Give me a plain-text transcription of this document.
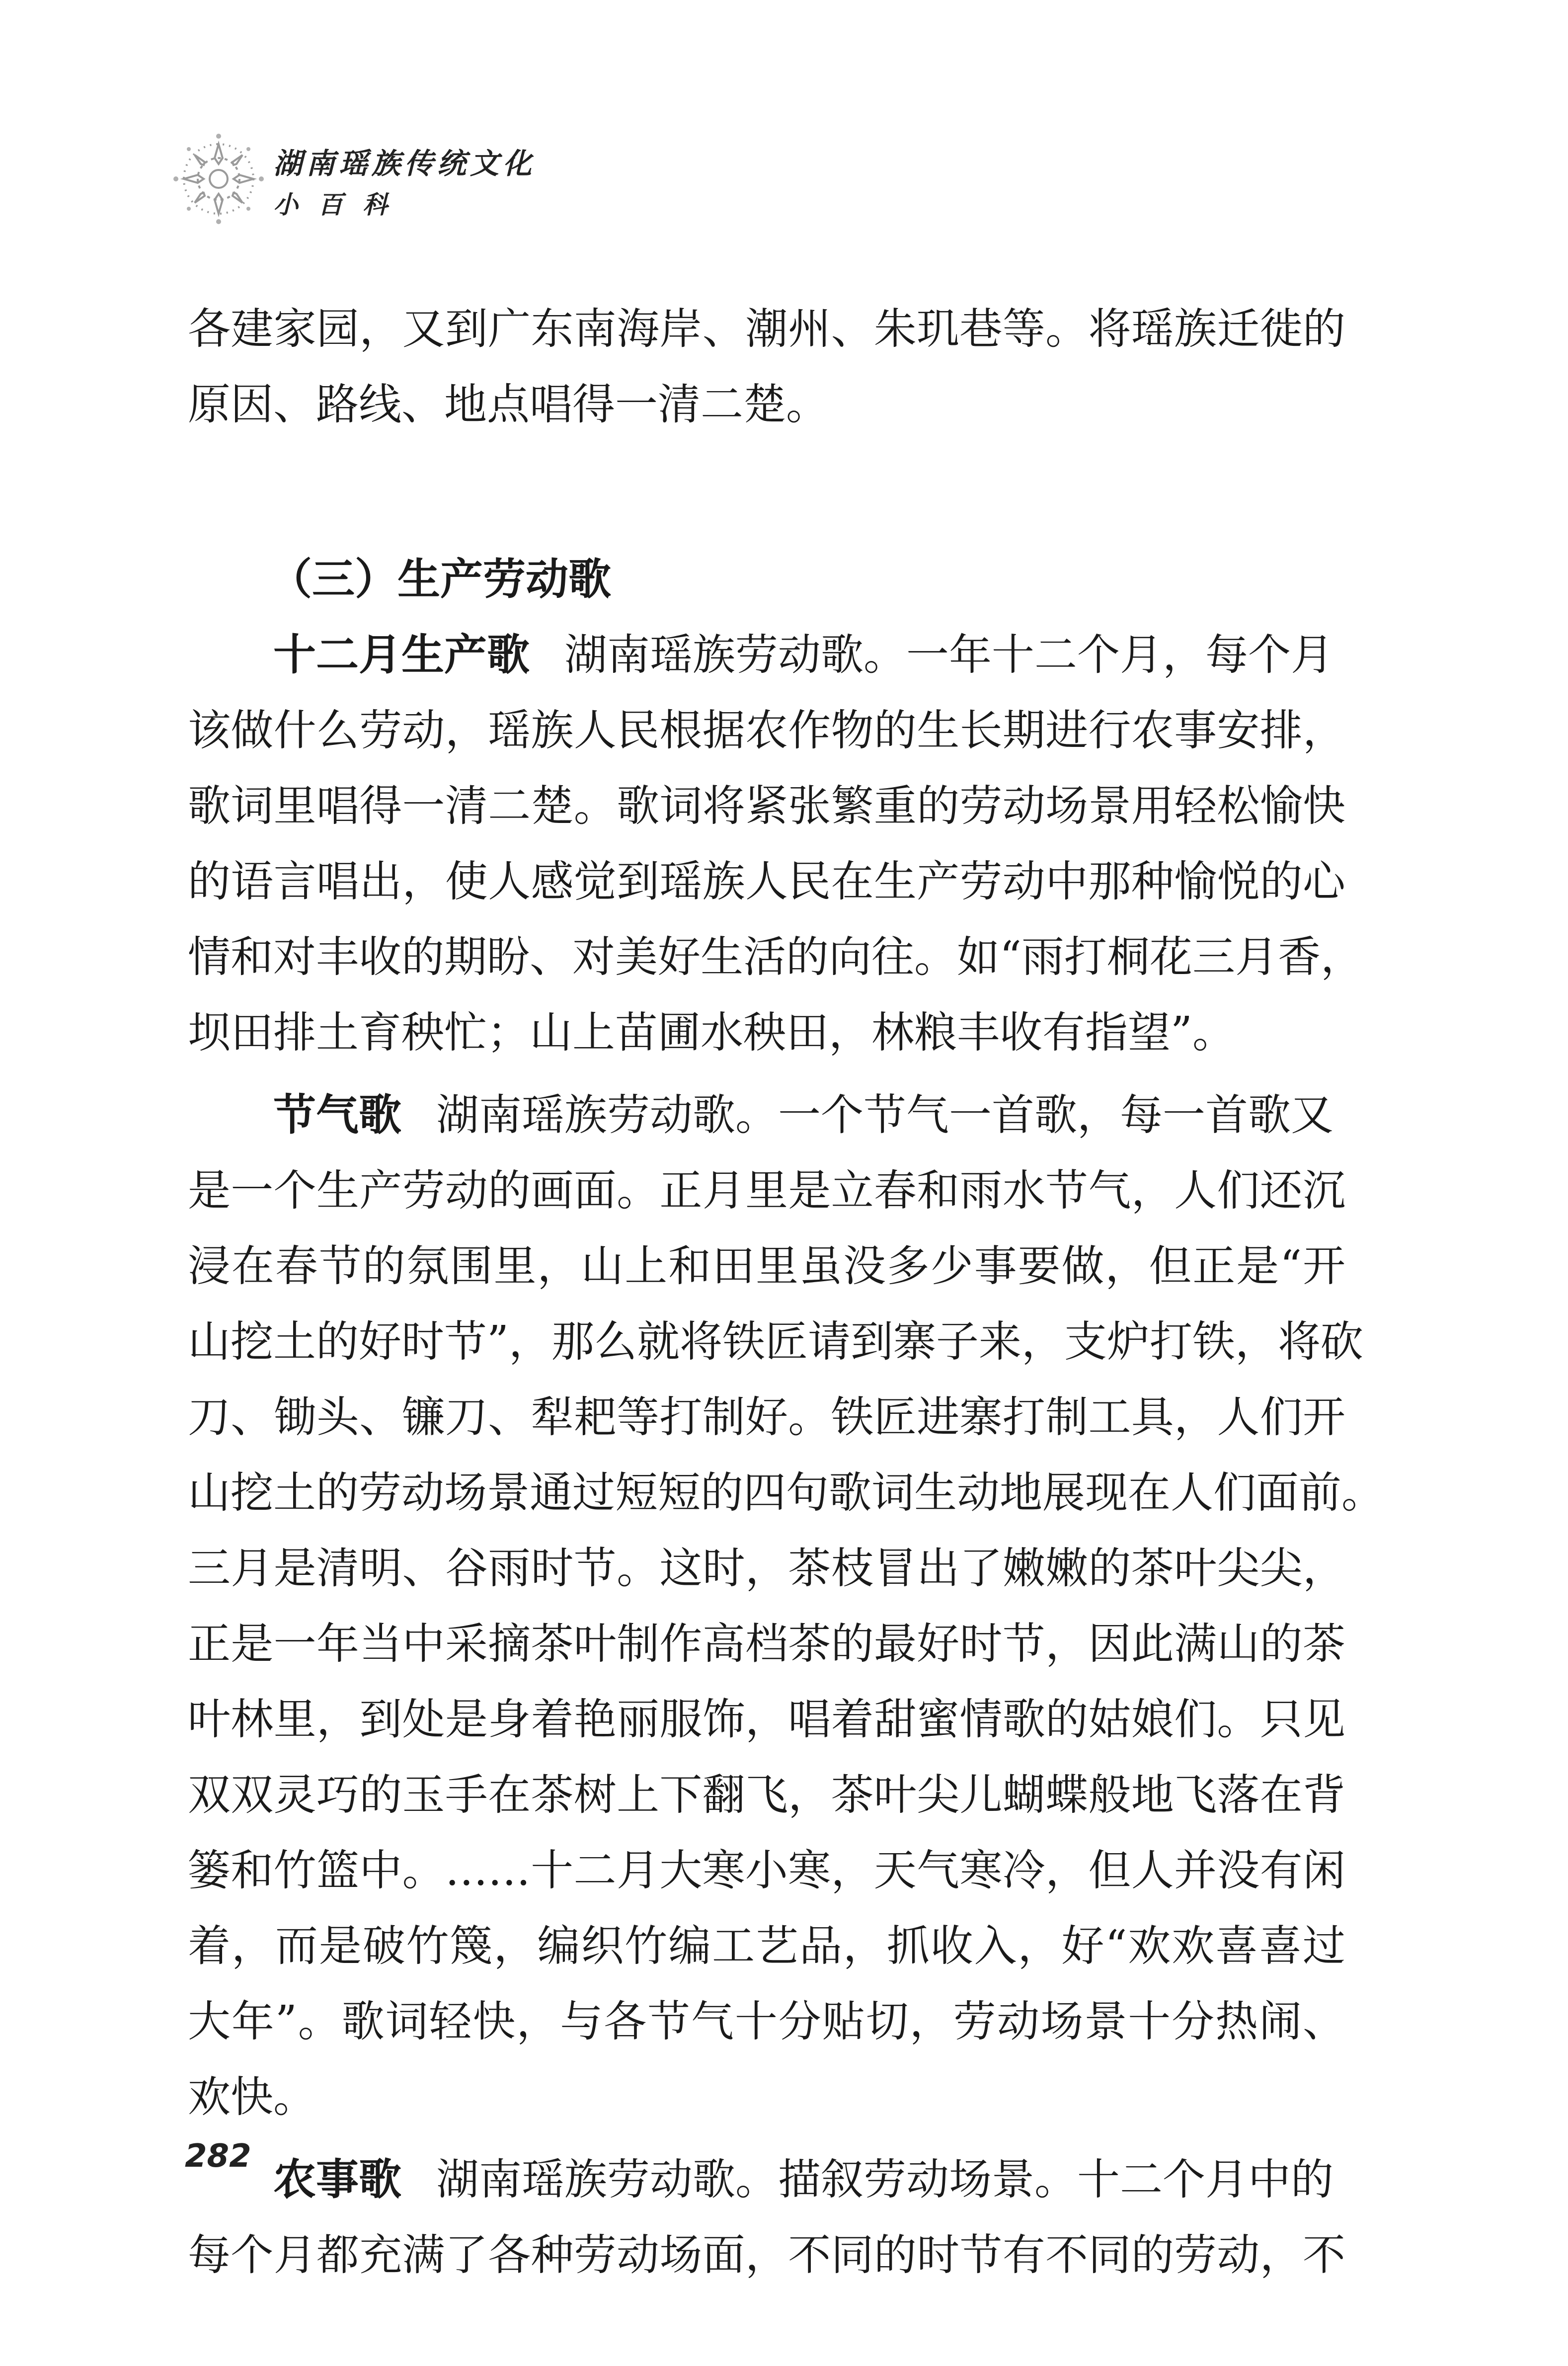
湖南瑶族传统文化
小百科
各建家园，又到广东南海岸、潮州、朱玑巷等。将瑶族迁徙的
原因、路线、地点唱得一清二楚。
（三）生产劳动歌
十二月生产歌 湖南瑶族劳动歌。一年十二个月，每个月
该做什么劳动，瑶族人民根据农作物的生长期进行农事安排，
歌词里唱得一清二楚。歌词将紧张繁重的劳动场景用轻松愉快
的语言唱出，使人感觉到瑶族人民在生产劳动中那种愉悦的心
情和对丰收的期盼、对美好生活的向往。如“雨打桐花三月香，
坝田排土育秧忙；山上苗圃水秧田，林粮丰收有指望”。
节气歌 湖南瑶族劳动歌。一个节气一首歌，每一首歌又
是一个生产劳动的画面。正月里是立春和雨水节气，人们还沉
浸在春节的氛围里，山上和田里虽没多少事要做，但正是“开
山挖土的好时节”，那么就将铁匠请到寨子来，支炉打铁，将砍
刀、锄头、镰刀、犁耙等打制好。铁匠进寨打制工具，人们开
山挖土的劳动场景通过短短的四句歌词生动地展现在人们面前。
三月是清明、谷雨时节。这时，茶枝冒出了嫩嫩的茶叶尖尖，
正是一年当中采摘茶叶制作高档茶的最好时节，因此满山的茶
叶林里，到处是身着艳丽服饰，唱着甜蜜情歌的姑娘们。只见
双双灵巧的玉手在茶树上下翻飞，茶叶尖儿蝴蝶般地飞落在背
篓和竹篮中。……十二月大寒小寒，天气寒冷，但人并没有闲
着，而是破竹篾，编织竹编工艺品，抓收入，好“欢欢喜喜过
大年”。歌词轻快，与各节气十分贴切，劳动场景十分热闹、
欢快。
农事歌 湖南瑶族劳动歌。描叙劳动场景。十二个月中的
每个月都充满了各种劳动场面，不同的时节有不同的劳动，不
282
